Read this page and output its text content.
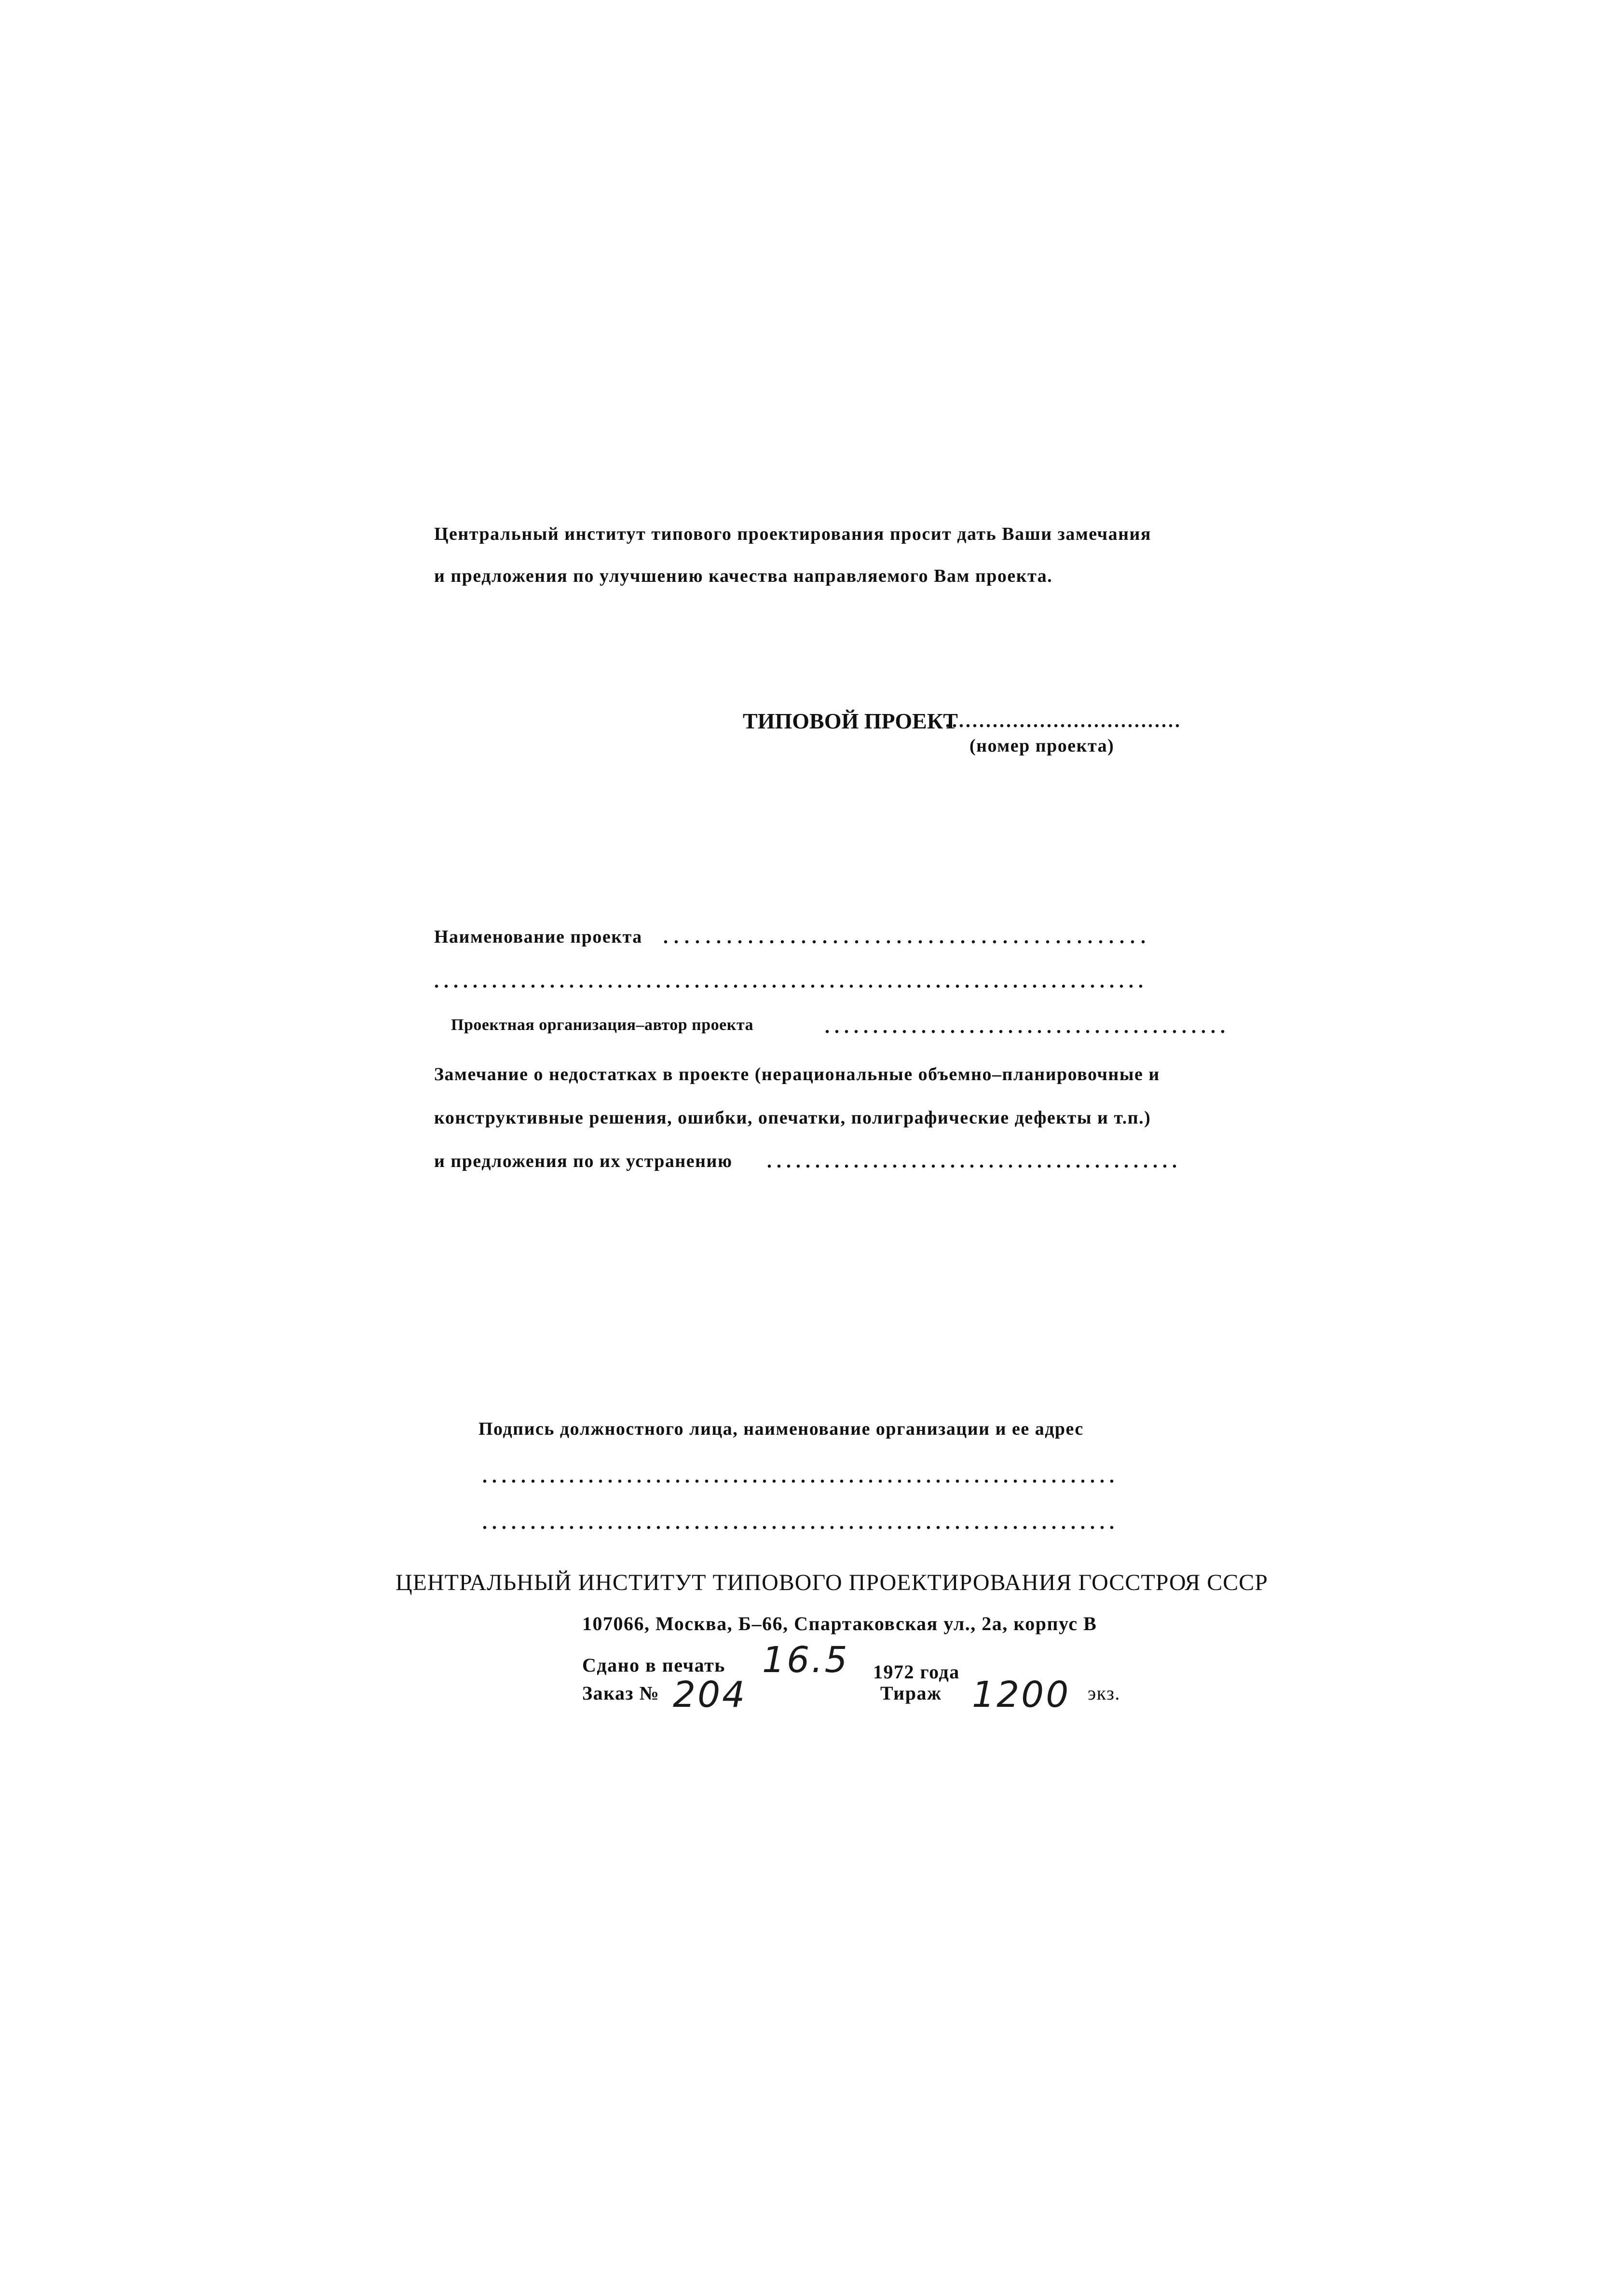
Центральный институт типового проектирования просит дать Ваши замечания
и предложения по улучшению качества направляемого Вам проекта.
ТИПОВОЙ ПРОЕКТ
...................................
(номер проекта)
Наименование проекта ..............................................
..........................................................................
Проектная организация–автор проекта	..........................................
Замечание о недостатках в проекте (нерациональные объемно–планировочные и
конструктивные решения, ошибки, опечатки, полиграфические дефекты и т.п.)
и предложения по их устранению ...........................................
Подпись должностного лица, наименование организации и ее адрес
..................................................................
..................................................................
ЦЕНТРАЛЬНЫЙ ИНСТИТУТ ТИПОВОГО ПРОЕКТИРОВАНИЯ ГОССТРОЯ СССР
107066, Москва, Б–66, Спартаковская ул., 2а, корпус В
Сдано в печать 16.5 1972 года
Заказ № 204	Тираж 1200 экз.
